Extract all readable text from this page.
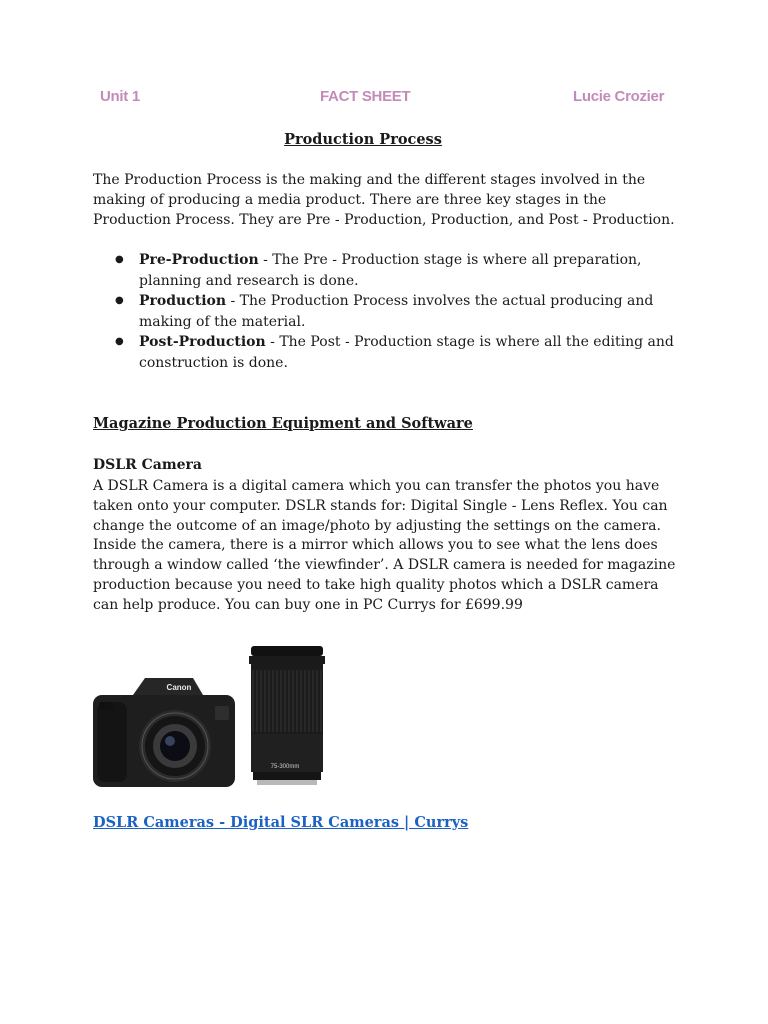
Unit 1	FACT SHEET	Lucie Crozier
Production Process

The Production Process is the making and the different stages involved in the making of producing a media product. There are three key stages in the Production Process. They are Pre - Production, Production, and Post - Production.

● Pre-Production - The Pre - Production stage is where all preparation, planning and research is done.
● Production - The Production Process involves the actual producing and making of the material.
● Post-Production - The Post - Production stage is where all the editing and construction is done.
Magazine Production Equipment and Software
DSLR Camera

A DSLR Camera is a digital camera which you can transfer the photos you have taken onto your computer. DSLR stands for: Digital Single - Lens Reflex. You can change the outcome of an image/photo by adjusting the settings on the camera. Inside the camera, there is a mirror which allows you to see what the lens does through a window called ‘the viewfinder’. A DSLR camera is needed for magazine production because you need to take high quality photos which a DSLR camera can help produce. You can buy one in PC Currys for £699.99

Canon
75-300mm
DSLR Cameras - Digital SLR Cameras | Currys
